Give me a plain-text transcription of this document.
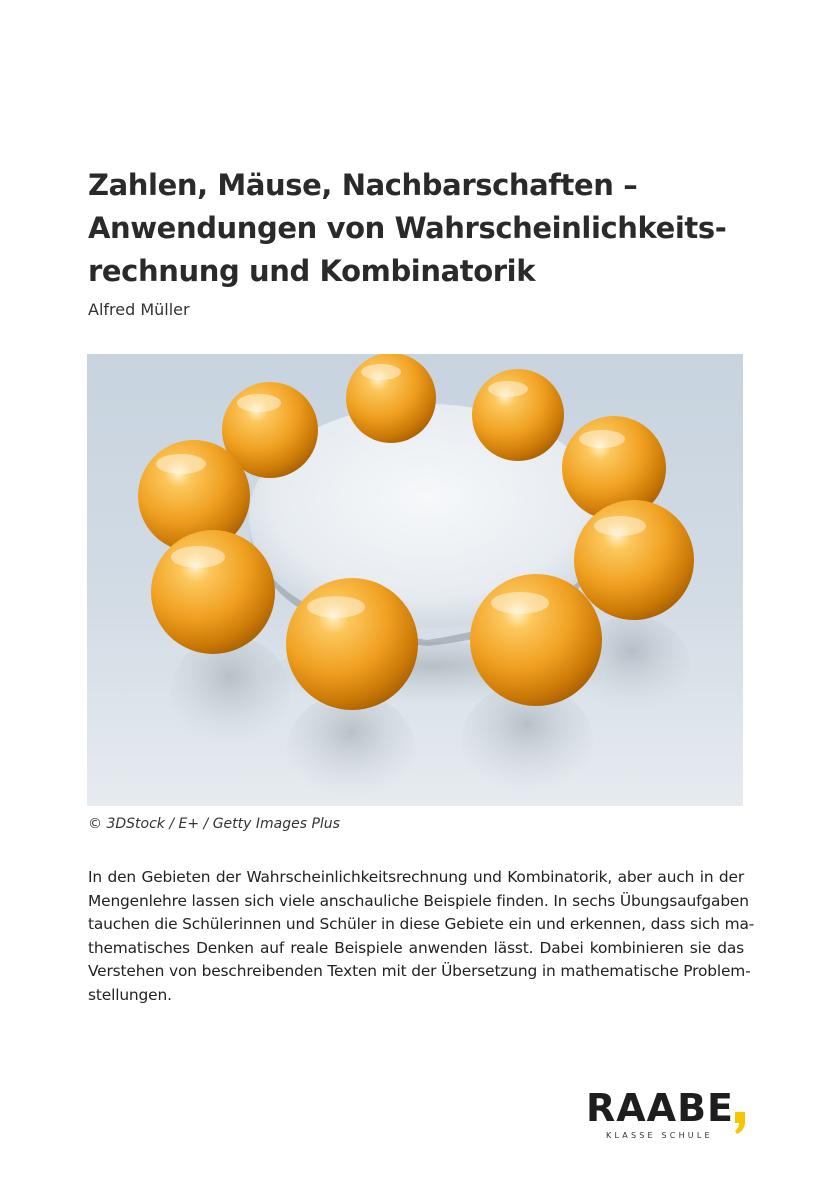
Zahlen, Mäuse, Nachbarschaften –
Anwendungen von Wahrscheinlichkeits-
rechnung und Kombinatorik

Alfred Müller

© 3DStock / E+ / Getty Images Plus

In den Gebieten der Wahrscheinlichkeitsrechnung und Kombinatorik, aber auch in der
Mengenlehre lassen sich viele anschauliche Beispiele finden. In sechs Übungsaufgaben
tauchen die Schülerinnen und Schüler in diese Gebiete ein und erkennen, dass sich ma-
thematisches Denken auf reale Beispiele anwenden lässt. Dabei kombinieren sie das
Verstehen von beschreibenden Texten mit der Übersetzung in mathematische Problem-
stellungen.

RAABE
KLASSE SCHULE
